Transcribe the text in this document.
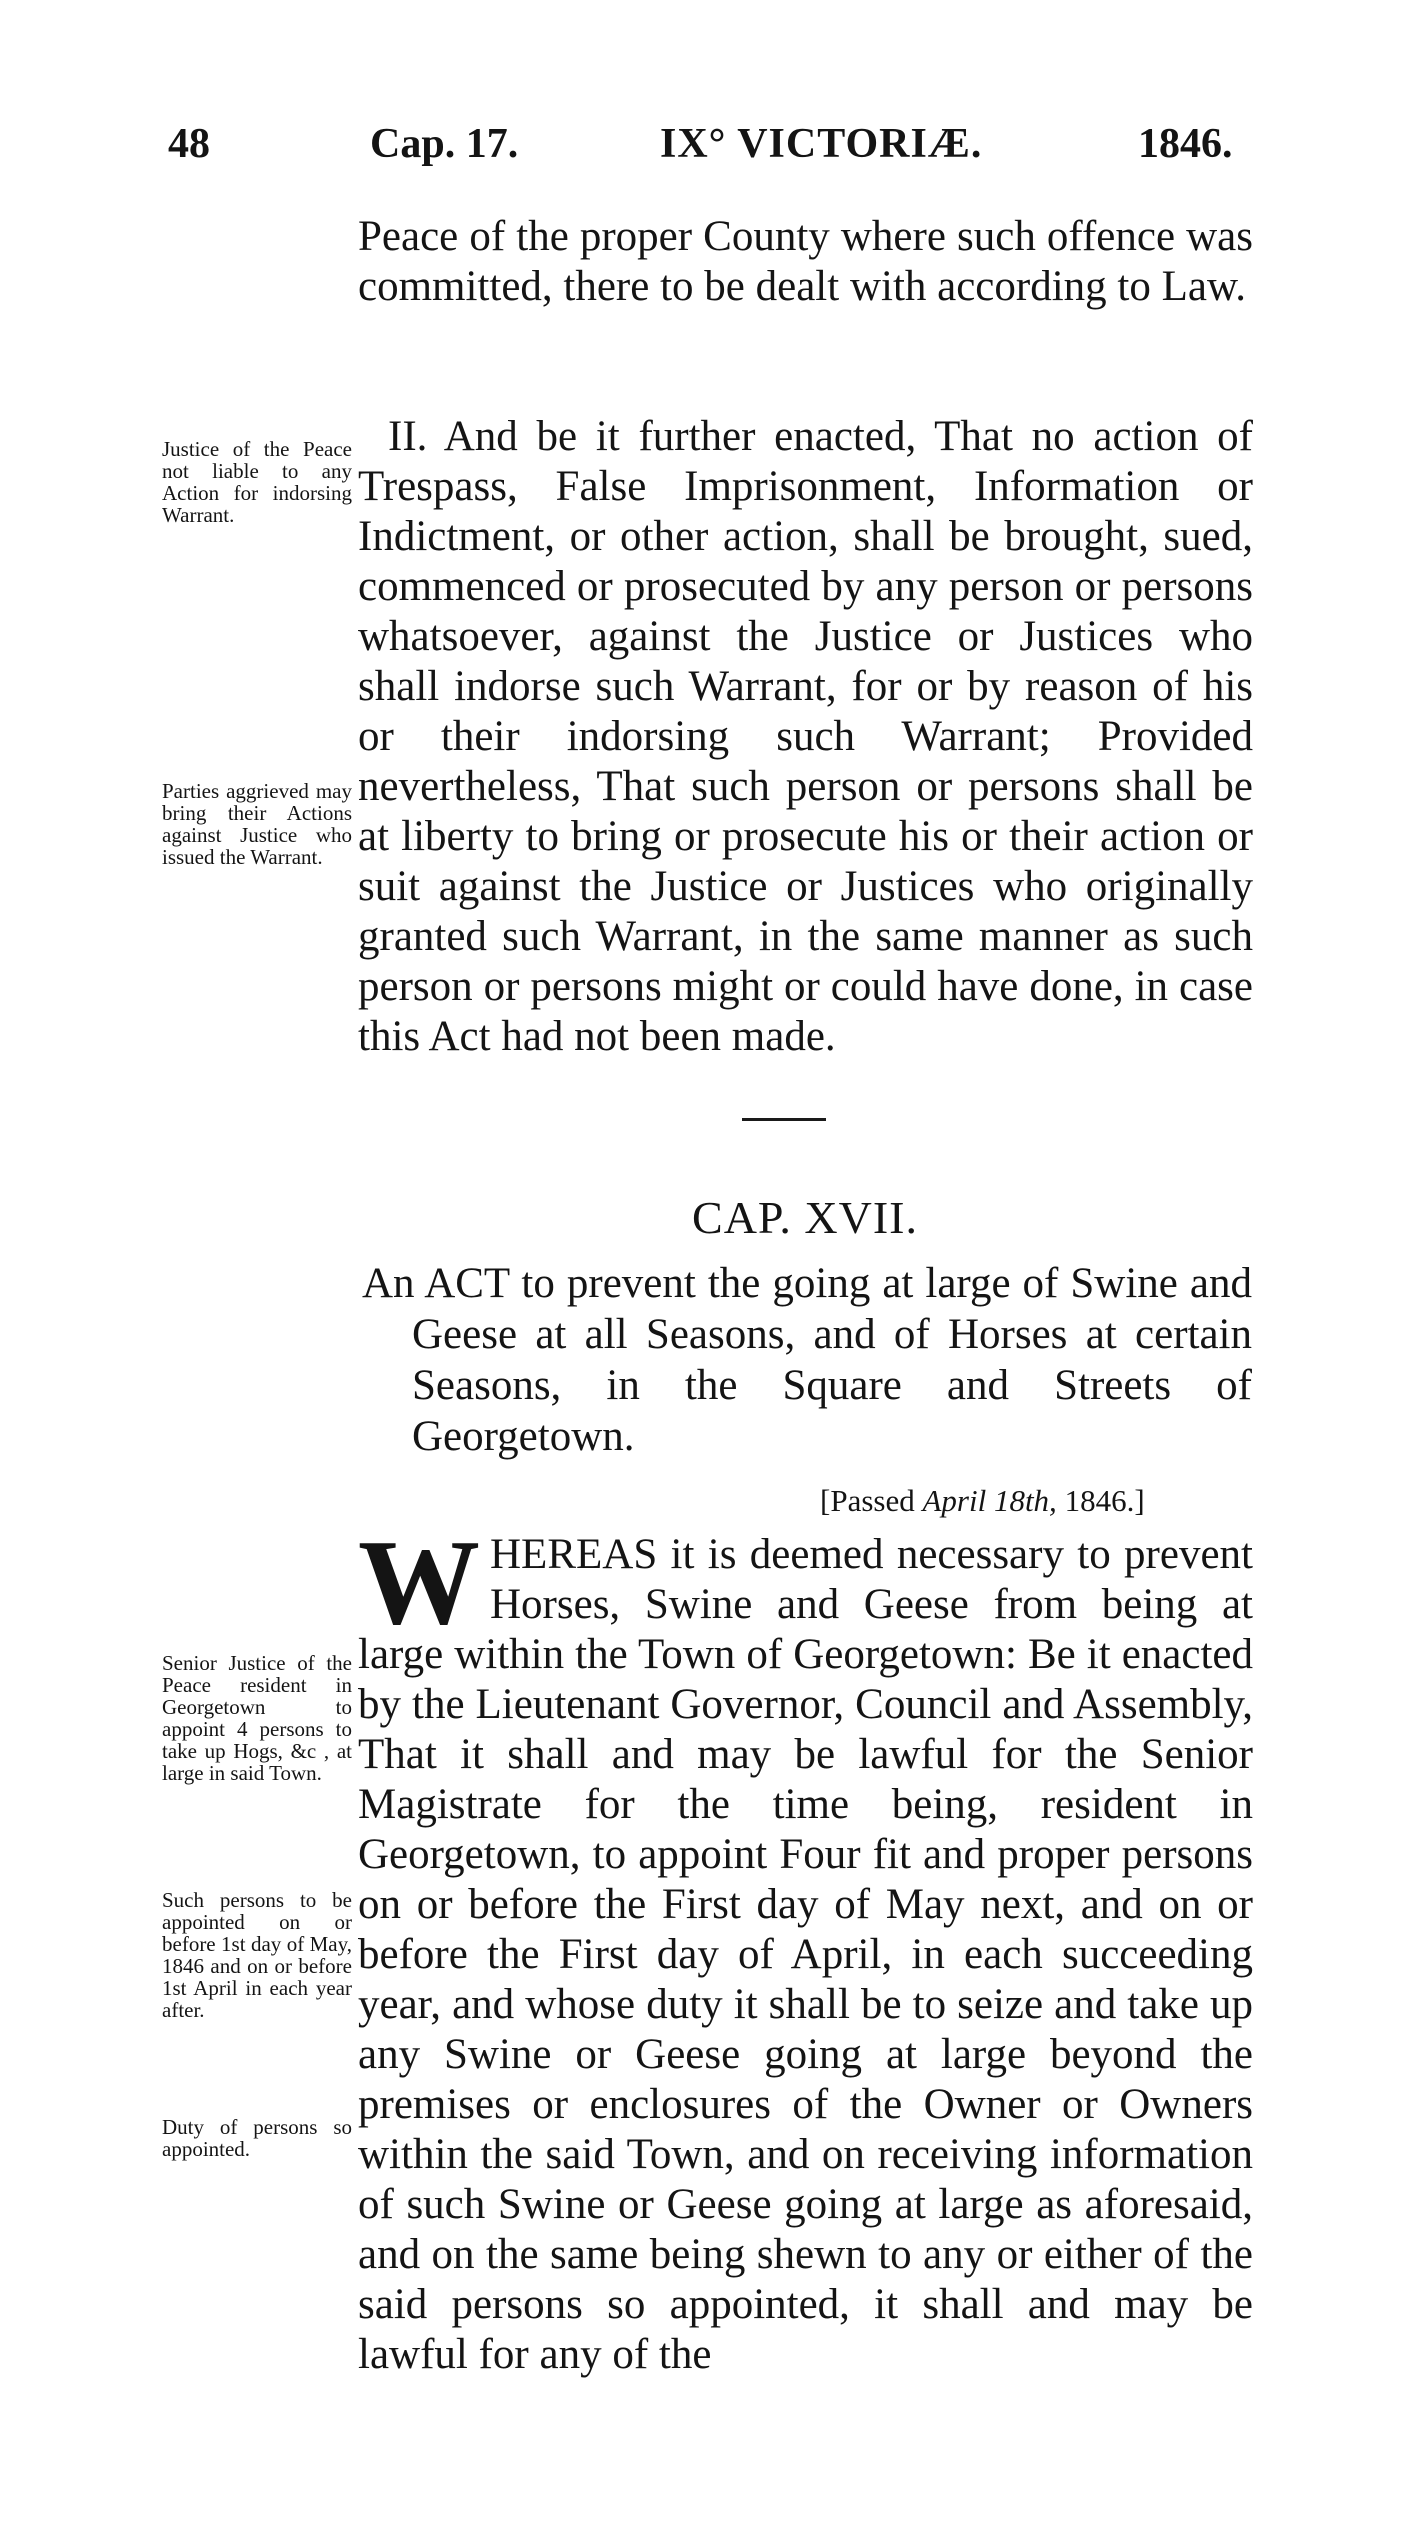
48	Cap. 17.	IX° VICTORIÆ.	1846.

Peace of the proper County where such offence was committed, there to be dealt with according to Law.

II. And be it further enacted, That no action of Trespass, False Imprisonment, Information or Indictment, or other action, shall be brought, sued, commenced or prosecuted by any person or persons whatsoever, against the Justice or Justices who shall indorse such Warrant, for or by reason of his or their indorsing such Warrant; Provided nevertheless, That such person or persons shall be at liberty to bring or prosecute his or their action or suit against the Justice or Justices who originally granted such Warrant, in the same manner as such person or persons might or could have done, in case this Act had not been made.
Justice of the Peace not liable to any Action for indorsing Warrant.
Parties aggrieved may bring their Actions against Justice who issued the Warrant.
CAP. XVII.

An ACT to prevent the going at large of Swine and Geese at all Seasons, and of Horses at certain Seasons, in the Square and Streets of Georgetown.

[Passed April 18th, 1846.]
W HEREAS it is deemed necessary to prevent Horses, Swine and Geese from being at large within the Town of Georgetown: Be it enacted by the Lieutenant Governor, Council and Assembly, That it shall and may be lawful for the Senior Magistrate for the time being, resident in Georgetown, to appoint Four fit and proper persons on or before the First day of May next, and on or before the First day of April, in each succeeding year, and whose duty it shall be to seize and take up any Swine or Geese going at large beyond the premises or enclosures of the Owner or Owners within the said Town, and on receiving information of such Swine or Geese going at large as aforesaid, and on the same being shewn to any or either of the said persons so appointed, it shall and may be lawful for any of the
Senior Justice of the Peace resident in Georgetown to appoint 4 persons to take up Hogs, &c , at large in said Town.
Such persons to be appointed on or before 1st day of May, 1846 and on or before 1st April in each year after.
Duty of persons so appointed.
